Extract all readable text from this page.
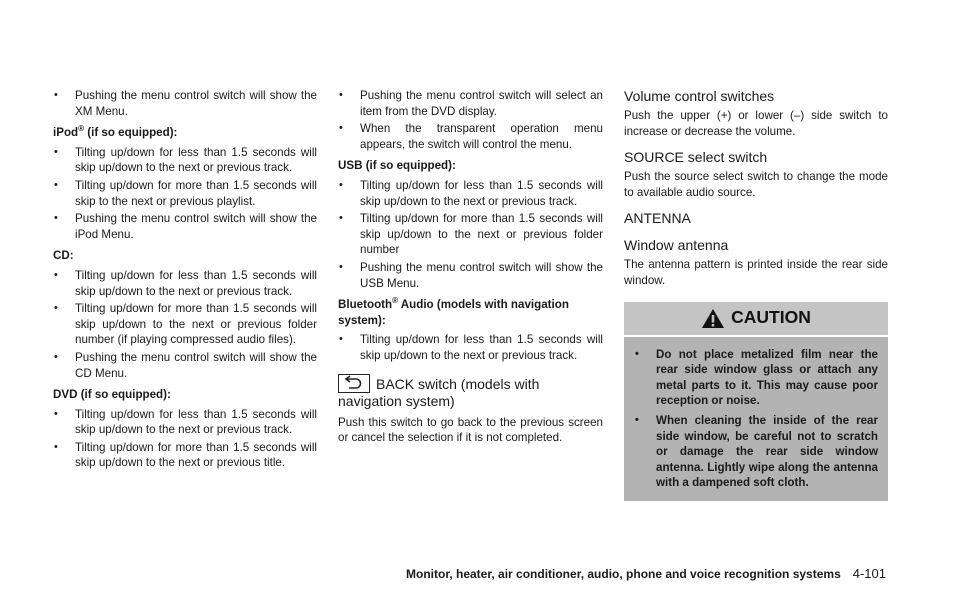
• Pushing the menu control switch will show the XM Menu.
iPod® (if so equipped):
• Tilting up/down for less than 1.5 seconds will skip up/down to the next or previous track.
• Tilting up/down for more than 1.5 seconds will skip to the next or previous playlist.
• Pushing the menu control switch will show the iPod Menu.
CD:
• Tilting up/down for less than 1.5 seconds will skip up/down to the next or previous track.
• Tilting up/down for more than 1.5 seconds will skip up/down to the next or previous folder number (if playing compressed audio files).
• Pushing the menu control switch will show the CD Menu.
DVD (if so equipped):
• Tilting up/down for less than 1.5 seconds will skip up/down to the next or previous track.
• Tilting up/down for more than 1.5 seconds will skip up/down to the next or previous title.
• Pushing the menu control switch will select an item from the DVD display.
• When the transparent operation menu appears, the switch will control the menu.
USB (if so equipped):
• Tilting up/down for less than 1.5 seconds will skip up/down to the next or previous track.
• Tilting up/down for more than 1.5 seconds will skip up/down to the next or previous folder number
• Pushing the menu control switch will show the USB Menu.
Bluetooth® Audio (models with navigation system):
• Tilting up/down for less than 1.5 seconds will skip up/down to the next or previous track.
BACK switch (models with navigation system)
Push this switch to go back to the previous screen or cancel the selection if it is not completed.
Volume control switches
Push the upper (+) or lower (–) side switch to increase or decrease the volume.
SOURCE select switch
Push the source select switch to change the mode to available audio source.
ANTENNA
Window antenna
The antenna pattern is printed inside the rear side window.
CAUTION
• Do not place metalized film near the rear side window glass or attach any metal parts to it. This may cause poor reception or noise.
• When cleaning the inside of the rear side window, be careful not to scratch or damage the rear side window antenna. Lightly wipe along the antenna with a dampened soft cloth.
Monitor, heater, air conditioner, audio, phone and voice recognition systems 4-101
